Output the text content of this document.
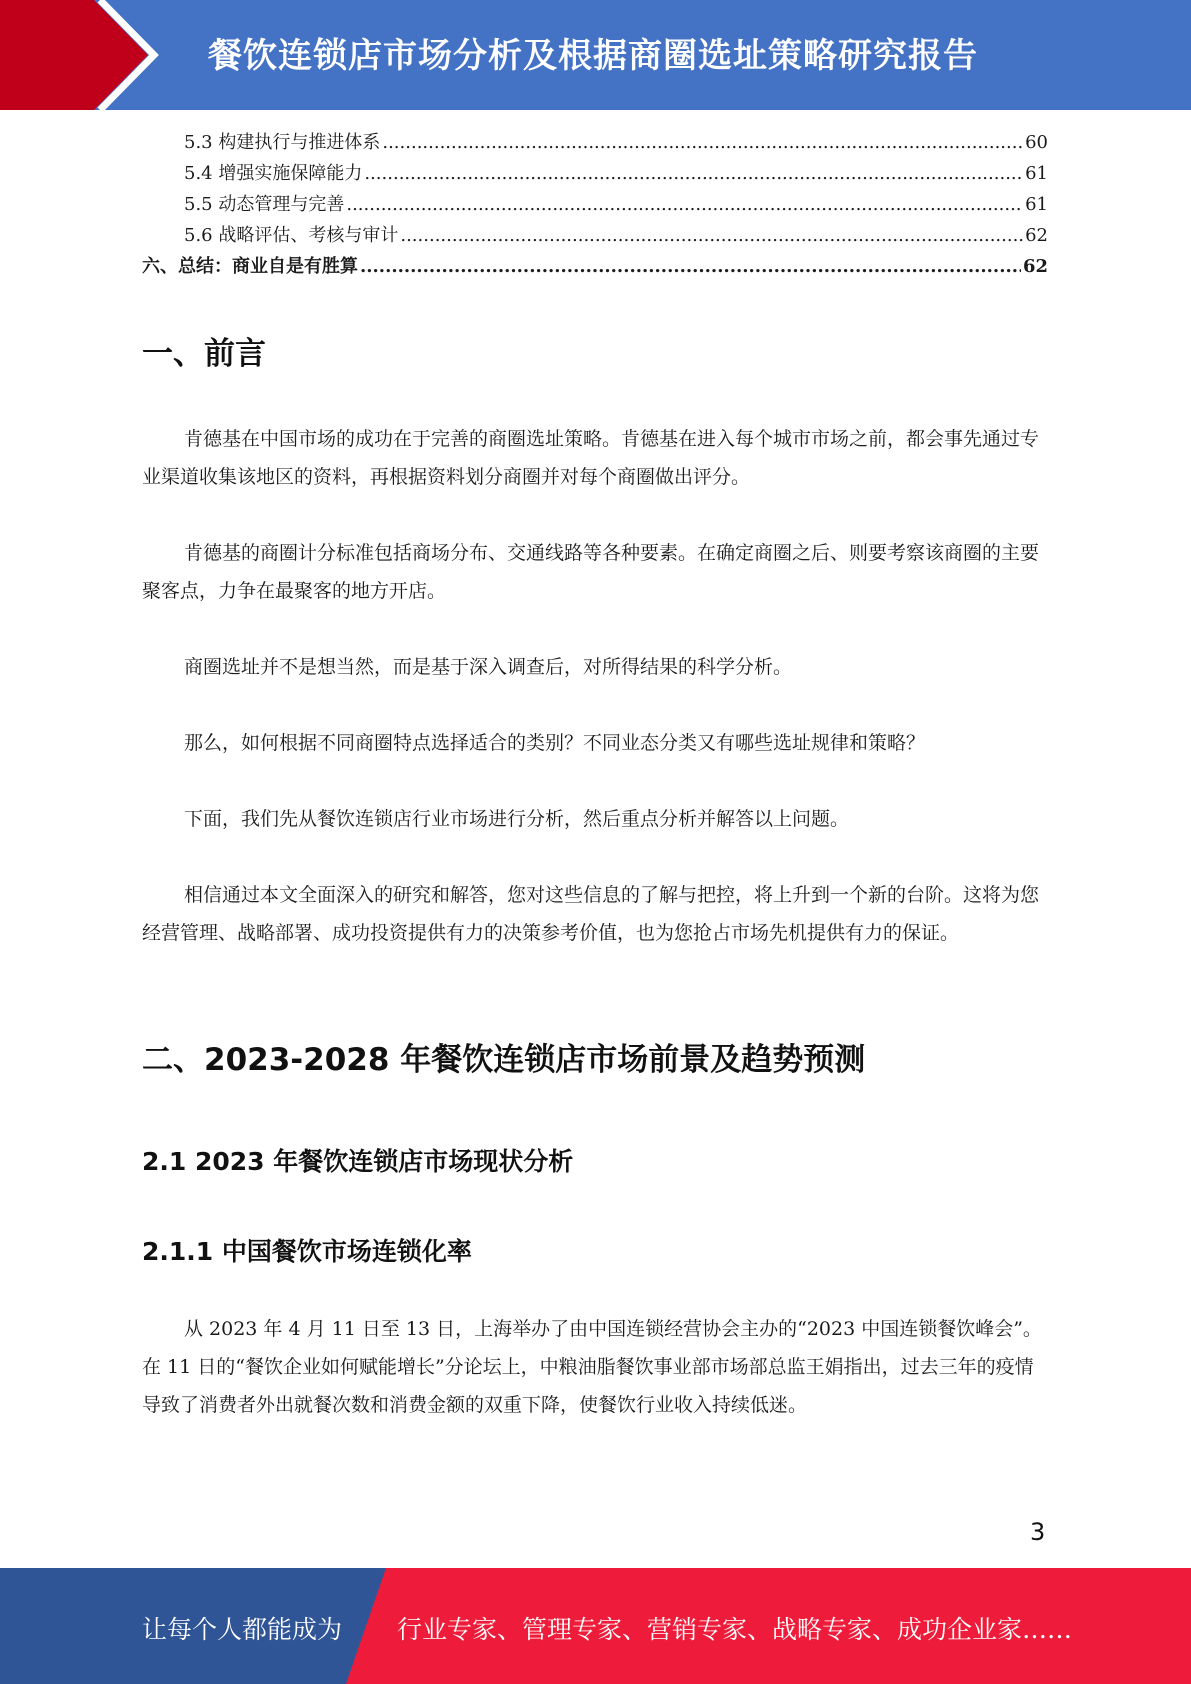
餐饮连锁店市场分析及根据商圈选址策略研究报告
5.3 构建执行与推进体系 .....	60
5.4 增强实施保障能力 .....	61
5.5 动态管理与完善 .....	61
5.6 战略评估、考核与审计 .....	62
六、总结：商业自是有胜算 .....	62
一、前言

肯德基在中国市场的成功在于完善的商圈选址策略。肯德基在进入每个城市市场之前，都会事先通过专业渠道收集该地区的资料，再根据资料划分商圈并对每个商圈做出评分。

肯德基的商圈计分标准包括商场分布、交通线路等各种要素。在确定商圈之后、则要考察该商圈的主要聚客点，力争在最聚客的地方开店。

商圈选址并不是想当然，而是基于深入调查后，对所得结果的科学分析。

那么，如何根据不同商圈特点选择适合的类别？不同业态分类又有哪些选址规律和策略？

下面，我们先从餐饮连锁店行业市场进行分析，然后重点分析并解答以上问题。

相信通过本文全面深入的研究和解答，您对这些信息的了解与把控，将上升到一个新的台阶。这将为您经营管理、战略部署、成功投资提供有力的决策参考价值，也为您抢占市场先机提供有力的保证。

二、2023-2028 年餐饮连锁店市场前景及趋势预测
2.1 2023 年餐饮连锁店市场现状分析
2.1.1 中国餐饮市场连锁化率

从 2023 年 4 月 11 日至 13 日，上海举办了由中国连锁经营协会主办的“2023 中国连锁餐饮峰会”。在 11 日的“餐饮企业如何赋能增长”分论坛上，中粮油脂餐饮事业部市场部总监王娟指出，过去三年的疫情导致了消费者外出就餐次数和消费金额的双重下降，使餐饮行业收入持续低迷。

3
让每个人都能成为 行业专家、管理专家、营销专家、战略专家、成功企业家……
